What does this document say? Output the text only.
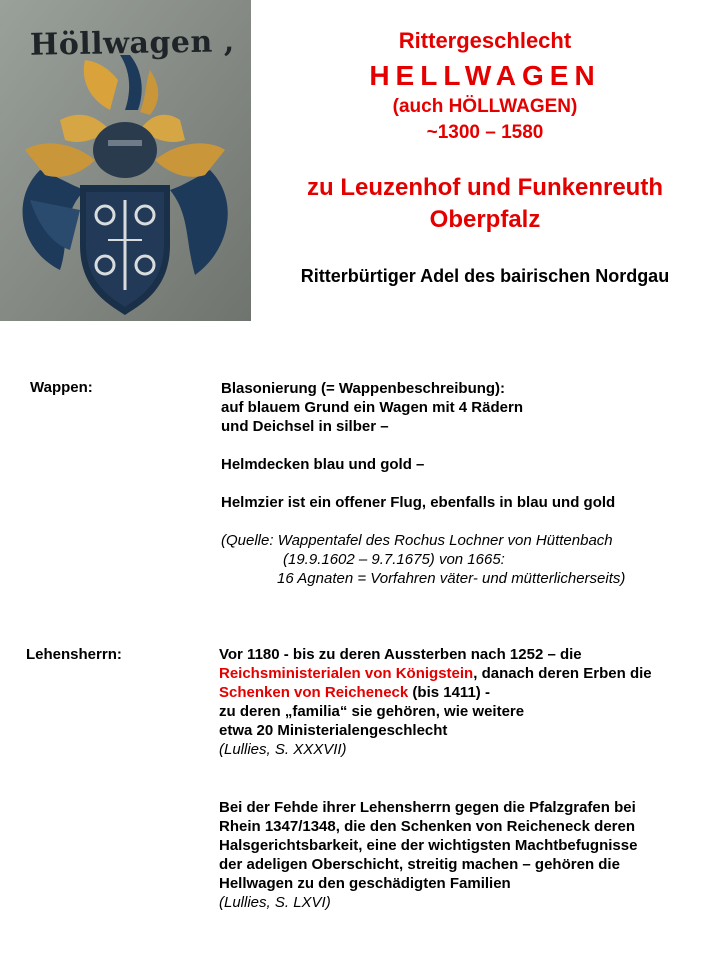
Höllwagen ,	Rittergeschlecht
HELLWAGEN
(auch HÖLLWAGEN)
~1300 – 1580
zu Leuzenhof und Funkenreuth
Oberpfalz
Ritterbürtiger Adel des bairischen Nordgau
Wappen:	Blasonierung (= Wappenbeschreibung):
auf blauem Grund ein Wagen mit 4 Rädern
und Deichsel in silber –
Helmdecken blau und gold –
Helmzier ist ein offener Flug, ebenfalls in blau und gold
(Quelle: Wappentafel des Rochus Lochner von Hüttenbach
(19.9.1602 – 9.7.1675) von 1665:
16 Agnaten = Vorfahren väter- und mütterlicherseits)
Lehensherrn:	Vor 1180 - bis zu deren Aussterben nach 1252 – die
Reichsministerialen von Königstein, danach deren Erben die
Schenken von Reicheneck (bis 1411) -
zu deren „familia“ sie gehören, wie weitere
etwa 20 Ministerialengeschlecht
(Lullies, S. XXXVII)
Bei der Fehde ihrer Lehensherrn gegen die Pfalzgrafen bei
Rhein 1347/1348, die den Schenken von Reicheneck deren
Halsgerichtsbarkeit, eine der wichtigsten Machtbefugnisse
der adeligen Oberschicht, streitig machen – gehören die
Hellwagen zu den geschädigten Familien
(Lullies, S. LXVI)
